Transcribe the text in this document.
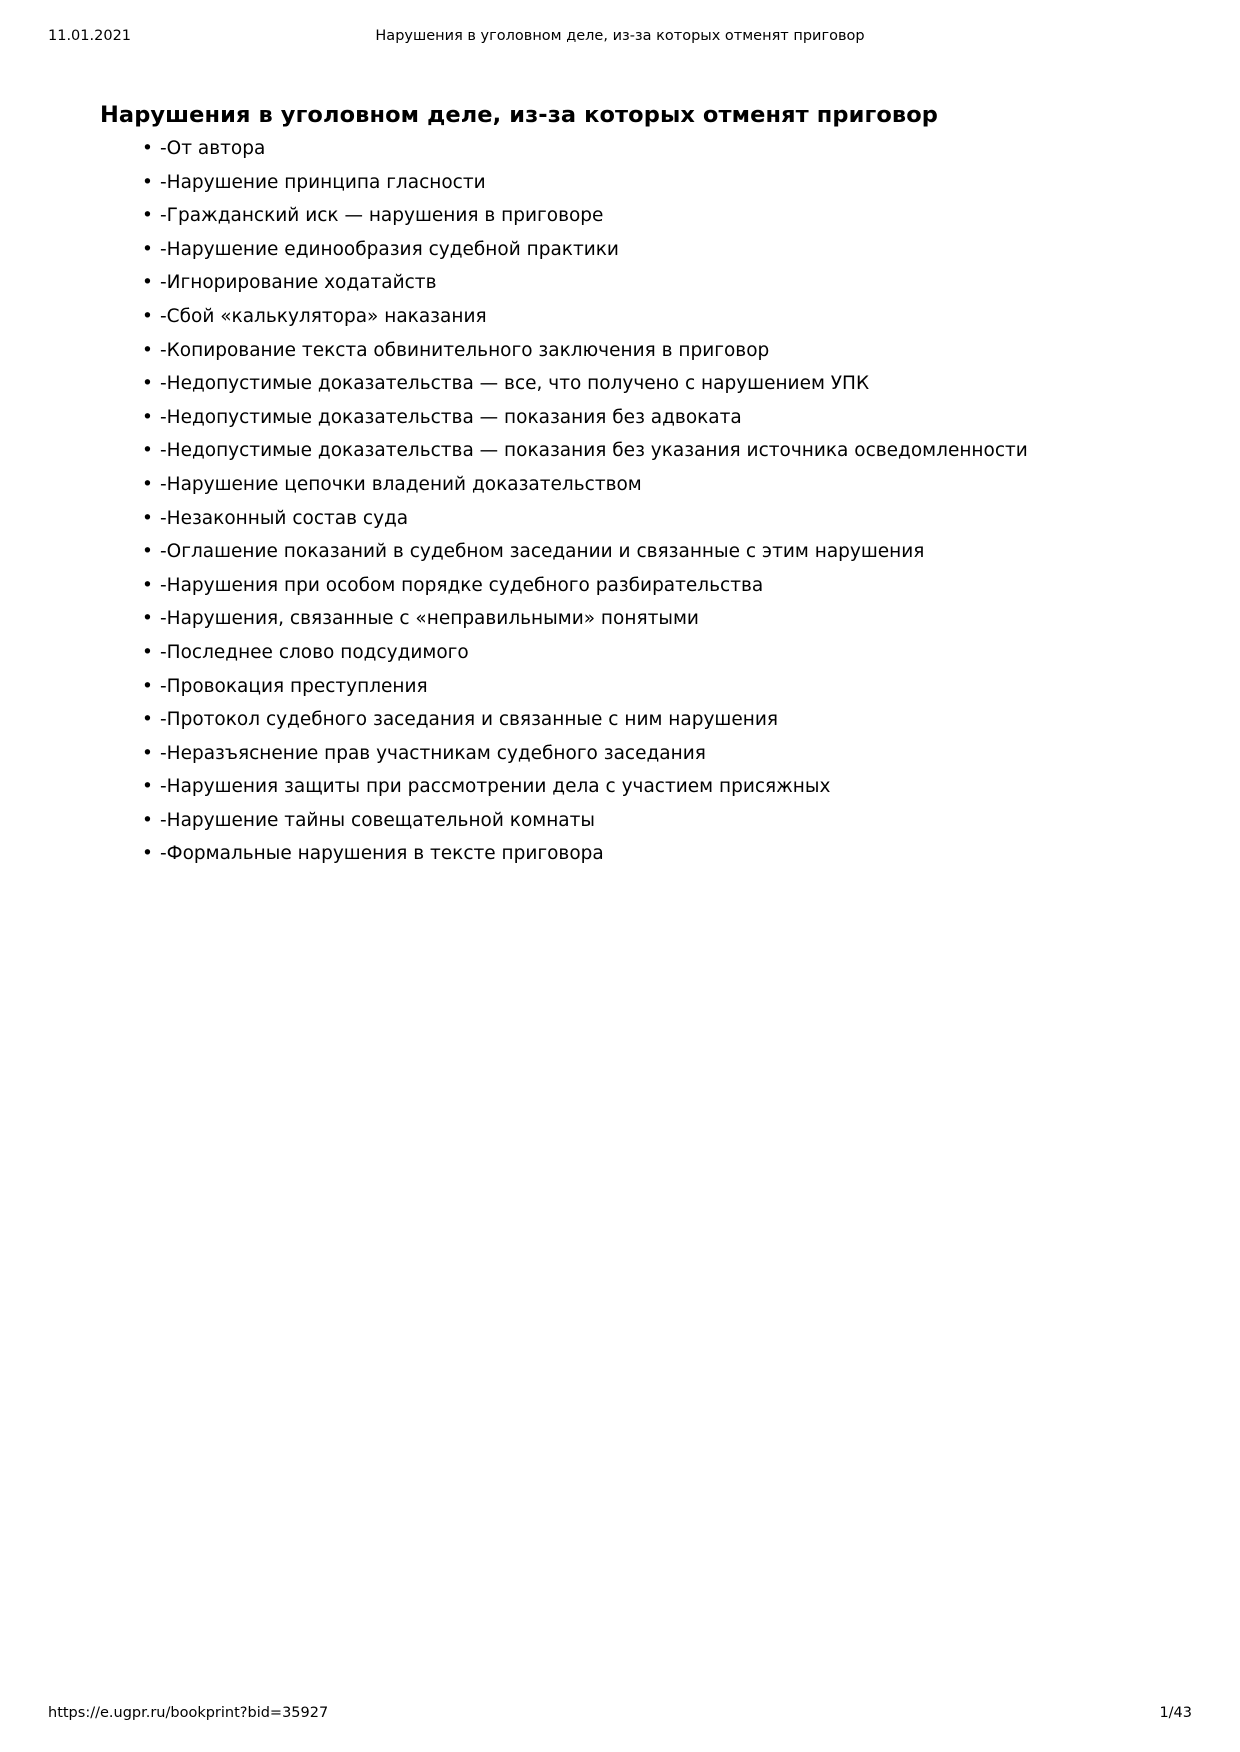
11.01.2021	Нарушения в уголовном деле, из-за которых отменят приговор
Нарушения в уголовном деле, из-за которых отменят приговор
• -От автора
• -Нарушение принципа гласности
• -Гражданский иск — нарушения в приговоре
• -Нарушение единообразия судебной практики
• -Игнорирование ходатайств
• -Сбой «калькулятора» наказания
• -Копирование текста обвинительного заключения в приговор
• -Недопустимые доказательства — все, что получено с нарушением УПК
• -Недопустимые доказательства — показания без адвоката
• -Недопустимые доказательства — показания без указания источника осведомленности
• -Нарушение цепочки владений доказательством
• -Незаконный состав суда
• -Оглашение показаний в судебном заседании и связанные с этим нарушения
• -Нарушения при особом порядке судебного разбирательства
• -Нарушения, связанные с «неправильными» понятыми
• -Последнее слово подсудимого
• -Провокация преступления
• -Протокол судебного заседания и связанные с ним нарушения
• -Неразъяснение прав участникам судебного заседания
• -Нарушения защиты при рассмотрении дела с участием присяжных
• -Нарушение тайны совещательной комнаты
• -Формальные нарушения в тексте приговора
https://e.ugpr.ru/bookprint?bid=35927	1/43
